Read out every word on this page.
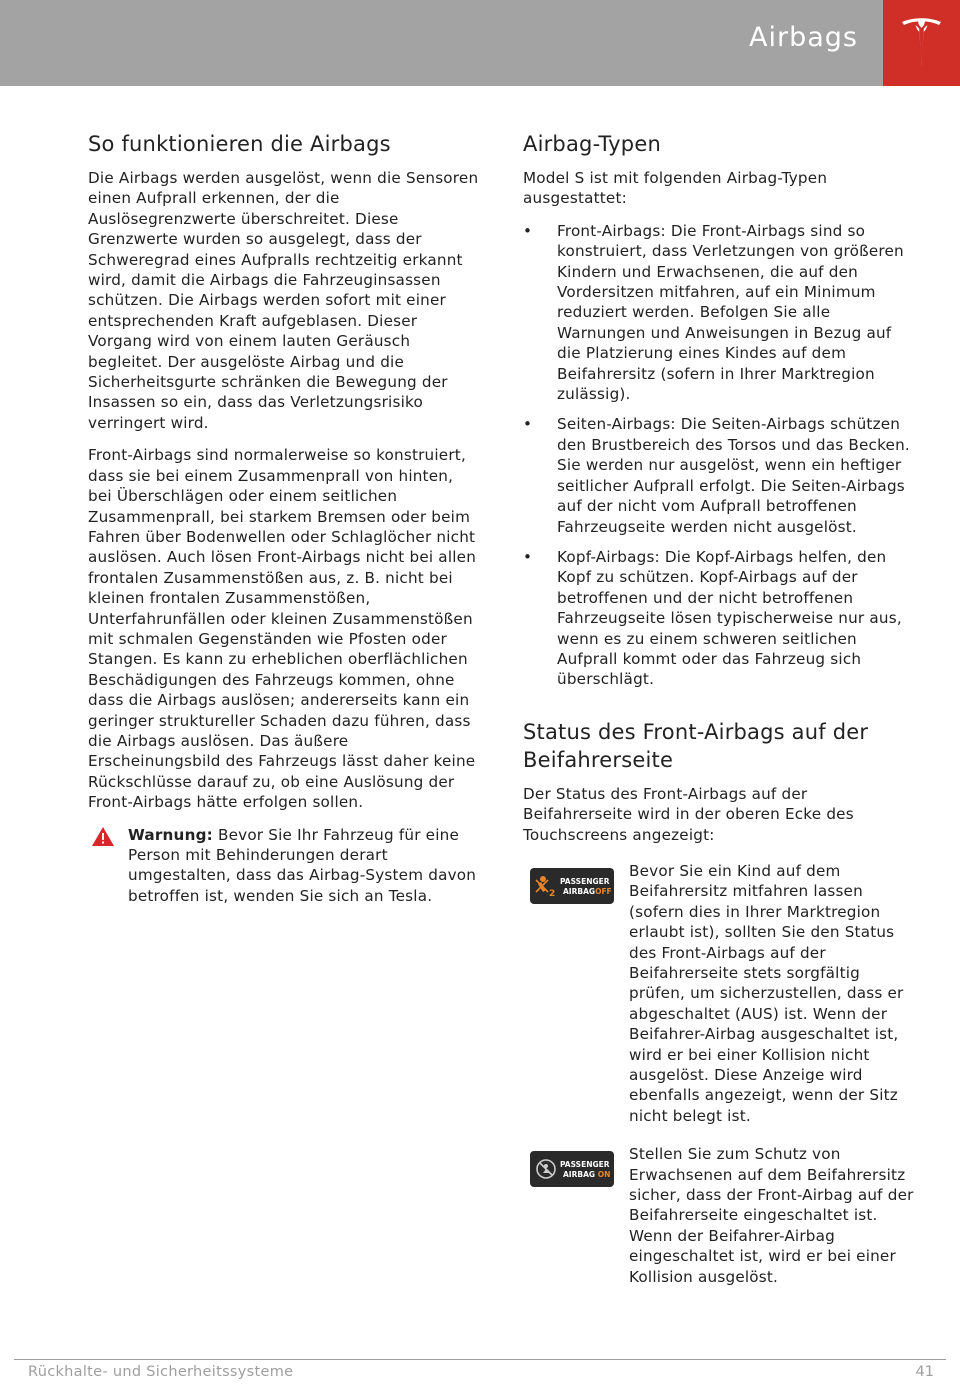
Airbags
So funktionieren die Airbags

Die Airbags werden ausgelöst, wenn die Sensoren einen Aufprall erkennen, der die Auslösegrenzwerte überschreitet. Diese Grenzwerte wurden so ausgelegt, dass der Schweregrad eines Aufpralls rechtzeitig erkannt wird, damit die Airbags die Fahrzeuginsassen schützen. Die Airbags werden sofort mit einer entsprechenden Kraft aufgeblasen. Dieser Vorgang wird von einem lauten Geräusch begleitet. Der ausgelöste Airbag und die Sicherheitsgurte schränken die Bewegung der Insassen so ein, dass das Verletzungsrisiko verringert wird.

Front-Airbags sind normalerweise so konstruiert, dass sie bei einem Zusammenprall von hinten, bei Überschlägen oder einem seitlichen Zusammenprall, bei starkem Bremsen oder beim Fahren über Bodenwellen oder Schlaglöcher nicht auslösen. Auch lösen Front-Airbags nicht bei allen frontalen Zusammenstößen aus, z. B. nicht bei kleinen frontalen Zusammenstößen, Unterfahrunfällen oder kleinen Zusammenstößen mit schmalen Gegenständen wie Pfosten oder Stangen. Es kann zu erheblichen oberflächlichen Beschädigungen des Fahrzeugs kommen, ohne dass die Airbags auslösen; andererseits kann ein geringer struktureller Schaden dazu führen, dass die Airbags auslösen. Das äußere Erscheinungsbild des Fahrzeugs lässt daher keine Rückschlüsse darauf zu, ob eine Auslösung der Front-Airbags hätte erfolgen sollen.

Warnung: Bevor Sie Ihr Fahrzeug für eine Person mit Behinderungen derart umgestalten, dass das Airbag-System davon betroffen ist, wenden Sie sich an Tesla.

Airbag-Typen

Model S ist mit folgenden Airbag-Typen ausgestattet:

• Front-Airbags: Die Front-Airbags sind so konstruiert, dass Verletzungen von größeren Kindern und Erwachsenen, die auf den Vordersitzen mitfahren, auf ein Minimum reduziert werden. Befolgen Sie alle Warnungen und Anweisungen in Bezug auf die Platzierung eines Kindes auf dem Beifahrersitz (sofern in Ihrer Marktregion zulässig).
• Seiten-Airbags: Die Seiten-Airbags schützen den Brustbereich des Torsos und das Becken. Sie werden nur ausgelöst, wenn ein heftiger seitlicher Aufprall erfolgt. Die Seiten-Airbags auf der nicht vom Aufprall betroffenen Fahrzeugseite werden nicht ausgelöst.
• Kopf-Airbags: Die Kopf-Airbags helfen, den Kopf zu schützen. Kopf-Airbags auf der betroffenen und der nicht betroffenen Fahrzeugseite lösen typischerweise nur aus, wenn es zu einem schweren seitlichen Aufprall kommt oder das Fahrzeug sich überschlägt.
Status des Front-Airbags auf der Beifahrerseite

Der Status des Front-Airbags auf der Beifahrerseite wird in der oberen Ecke des Touchscreens angezeigt:

2
PASSENGER
AIRBAGOFF

Bevor Sie ein Kind auf dem Beifahrersitz mitfahren lassen (sofern dies in Ihrer Marktregion erlaubt ist), sollten Sie den Status des Front-Airbags auf der Beifahrerseite stets sorgfältig prüfen, um sicherzustellen, dass er abgeschaltet (AUS) ist. Wenn der Beifahrer-Airbag ausgeschaltet ist, wird er bei einer Kollision nicht ausgelöst. Diese Anzeige wird ebenfalls angezeigt, wenn der Sitz nicht belegt ist.

PASSENGER
AIRBAG ON

Stellen Sie zum Schutz von Erwachsenen auf dem Beifahrersitz sicher, dass der Front-Airbag auf der Beifahrerseite eingeschaltet ist. Wenn der Beifahrer-Airbag eingeschaltet ist, wird er bei einer Kollision ausgelöst.

Rückhalte- und Sicherheitssysteme	41
